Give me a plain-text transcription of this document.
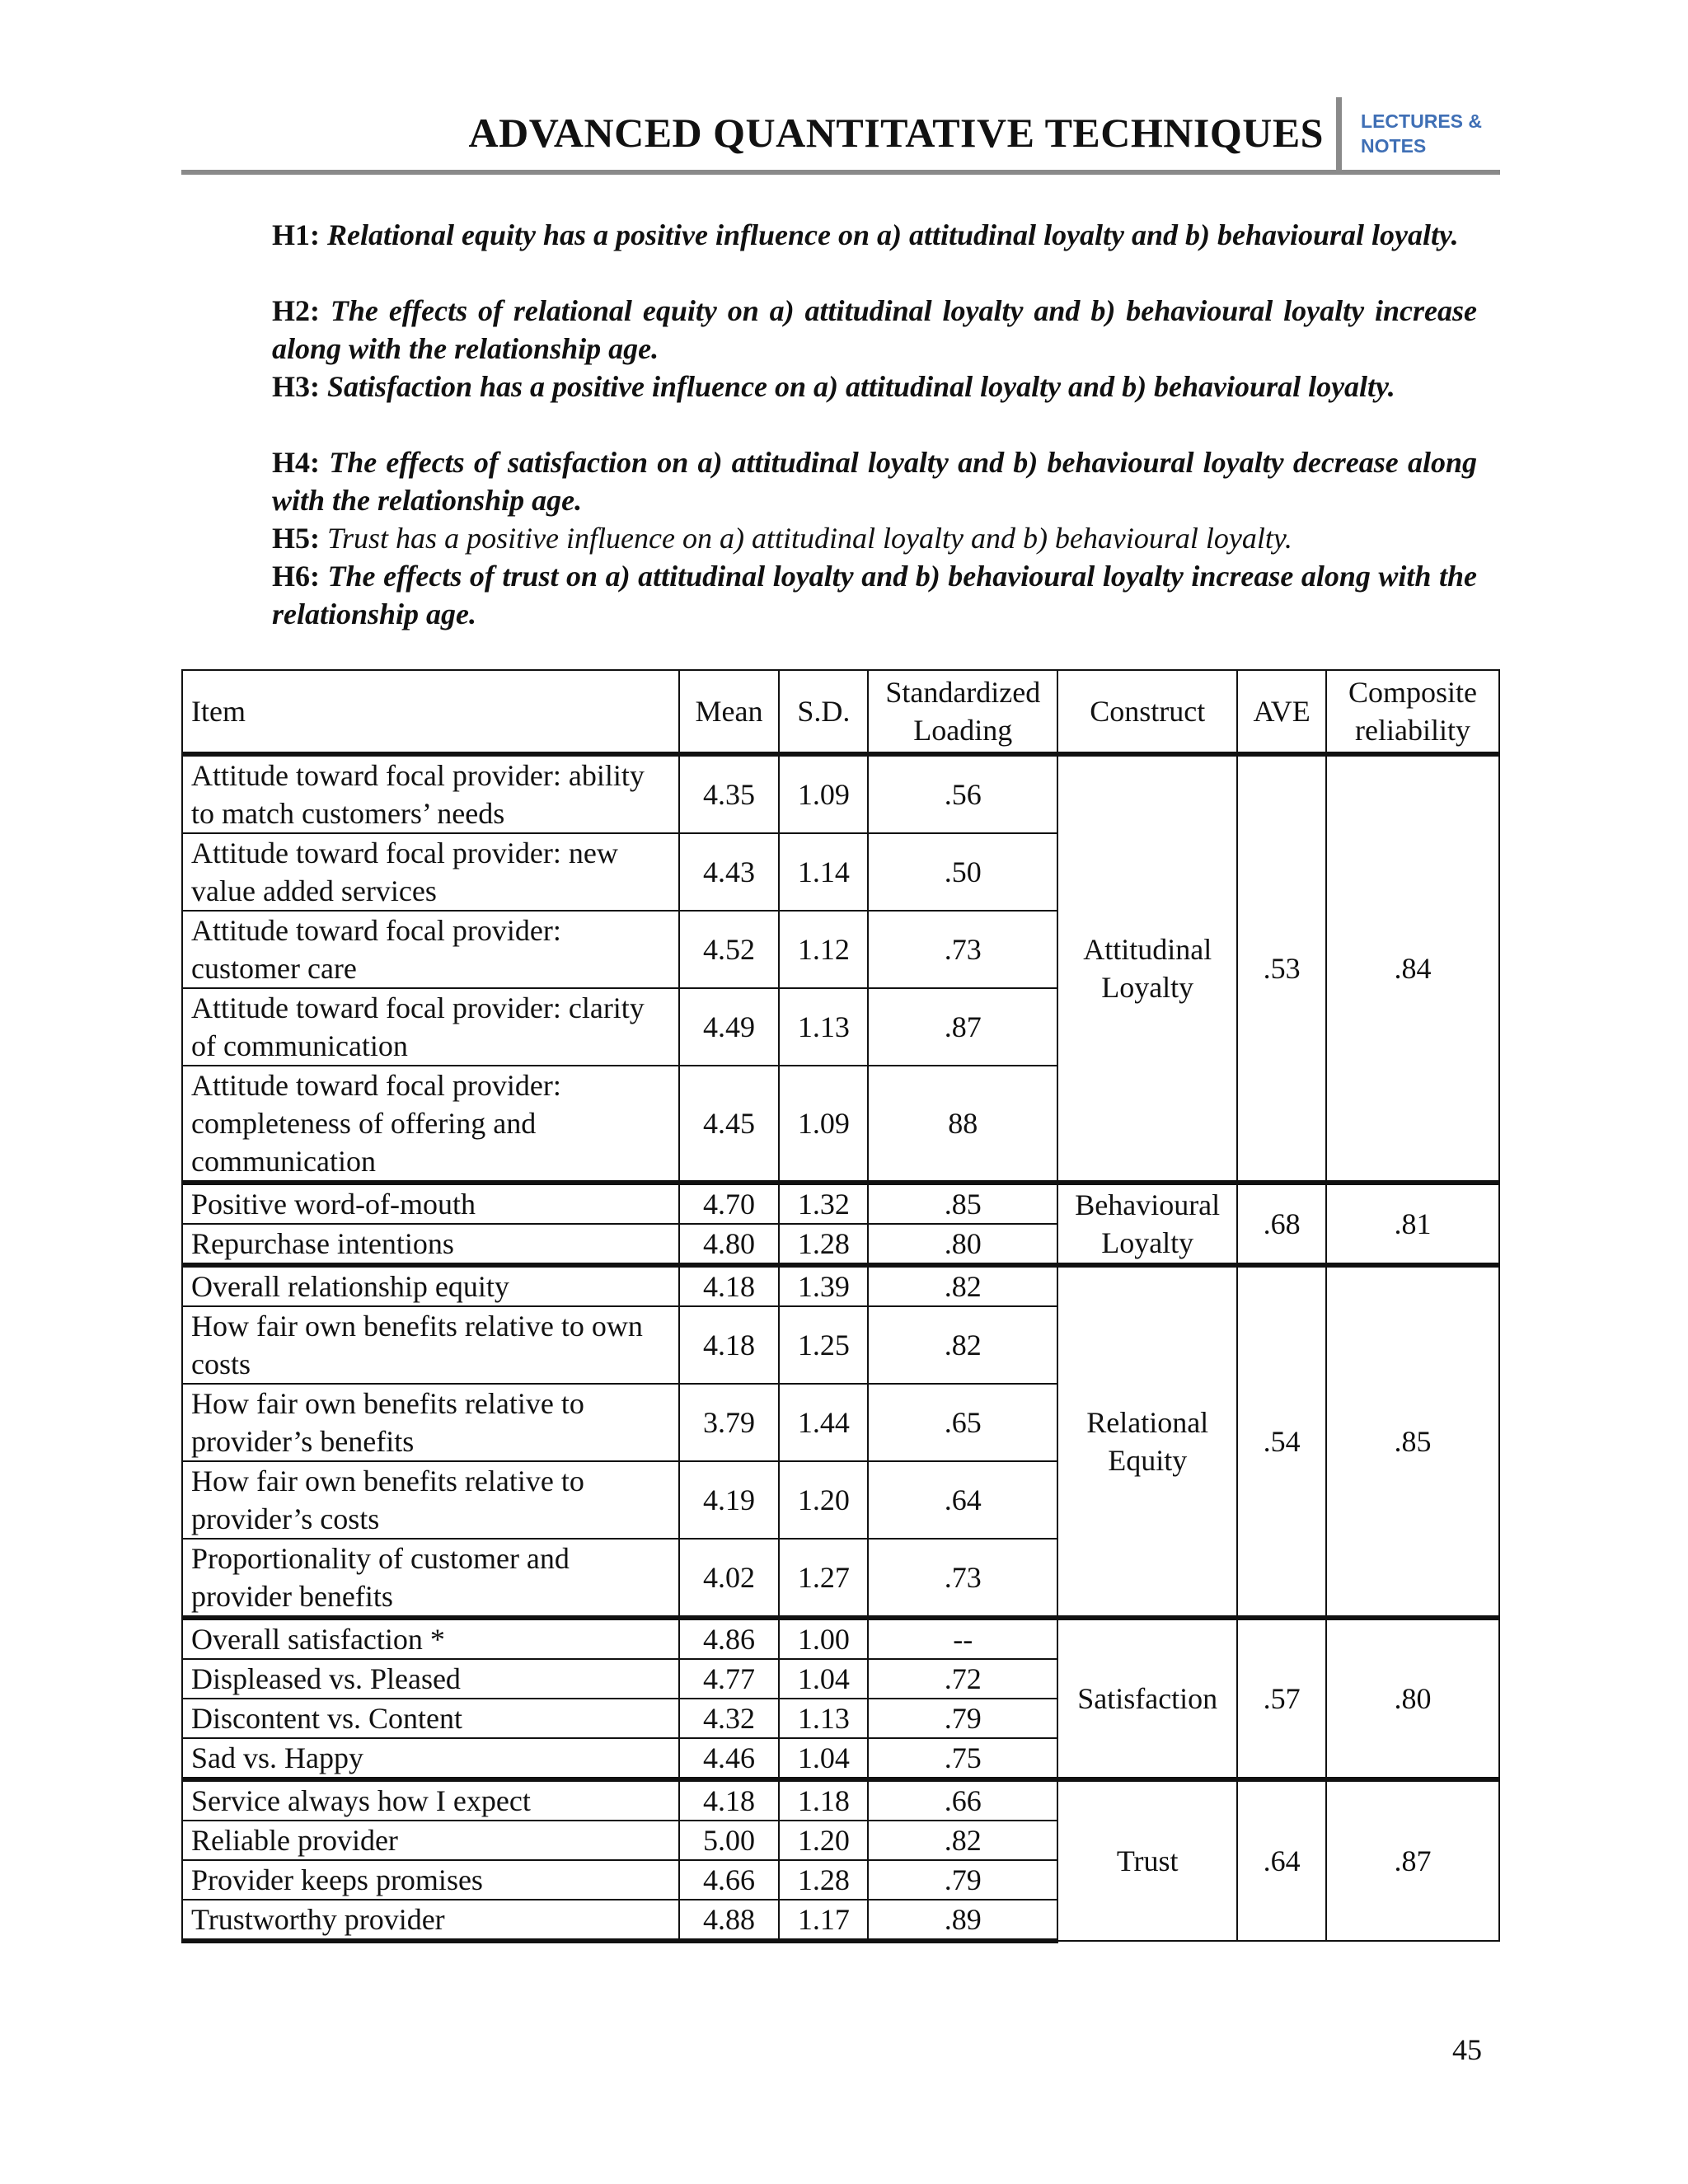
ADVANCED QUANTITATIVE TECHNIQUES LECTURES &
NOTES
H1: Relational equity has a positive influence on a) attitudinal loyalty and b) behavioural loyalty.
H2: The effects of relational equity on a) attitudinal loyalty and b) behavioural loyalty increase along with the relationship age.
H3: Satisfaction has a positive influence on a) attitudinal loyalty and b) behavioural loyalty.
H4: The effects of satisfaction on a) attitudinal loyalty and b) behavioural loyalty decrease along with the relationship age.
H5: Trust has a positive influence on a) attitudinal loyalty and b) behavioural loyalty.
H6: The effects of trust on a) attitudinal loyalty and b) behavioural loyalty increase along with the relationship age.
Item	Mean	S.D.	Standardized Loading	Construct	AVE	Composite reliability
Attitude toward focal provider: ability to match customers’ needs	4.35	1.09	.56	Attitudinal Loyalty	.53	.84
Attitude toward focal provider: new value added services	4.43	1.14	.50			
Attitude toward focal provider: customer care	4.52	1.12	.73			
Attitude toward focal provider: clarity of communication	4.49	1.13	.87			
Attitude toward focal provider: completeness of offering and communication	4.45	1.09	88			
Positive word-of-mouth	4.70	1.32	.85	Behavioural Loyalty	.68	.81
Repurchase intentions	4.80	1.28	.80			
Overall relationship equity	4.18	1.39	.82	Relational Equity	.54	.85
How fair own benefits relative to own costs	4.18	1.25	.82			
How fair own benefits relative to provider’s benefits	3.79	1.44	.65			
How fair own benefits relative to provider’s costs	4.19	1.20	.64			
Proportionality of customer and provider benefits	4.02	1.27	.73			
Overall satisfaction *	4.86	1.00	--	Satisfaction	.57	.80
Displeased vs. Pleased	4.77	1.04	.72			
Discontent vs. Content	4.32	1.13	.79			
Sad vs. Happy	4.46	1.04	.75			
Service always how I expect	4.18	1.18	.66	Trust	.64	.87
Reliable provider	5.00	1.20	.82			
Provider keeps promises	4.66	1.28	.79			
Trustworthy provider	4.88	1.17	.89			
45
